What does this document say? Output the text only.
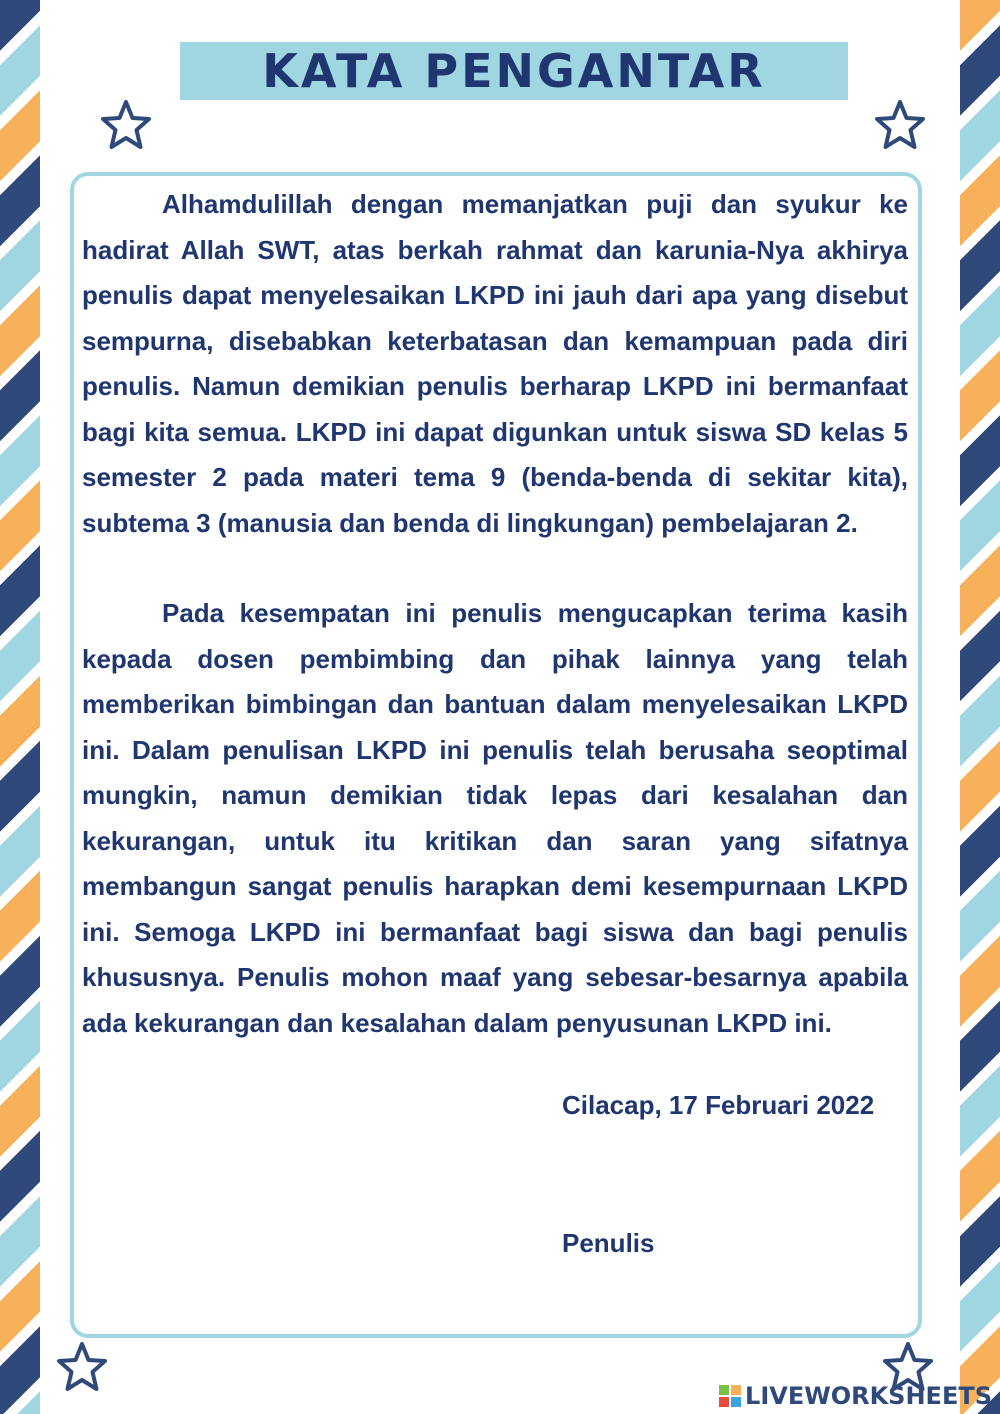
KATA PENGANTAR

Alhamdulillah dengan memanjatkan puji dan syukur ke hadirat Allah SWT, atas berkah rahmat dan karunia-Nya akhirya penulis dapat menyelesaikan LKPD ini jauh dari apa yang disebut sempurna, disebabkan keterbatasan dan kemampuan pada diri penulis. Namun demikian penulis berharap LKPD ini bermanfaat bagi kita semua. LKPD ini dapat digunkan untuk siswa SD kelas 5 semester 2 pada materi tema 9 (benda-benda di sekitar kita), subtema 3 (manusia dan benda di lingkungan) pembelajaran 2.

Pada kesempatan ini penulis mengucapkan terima kasih kepada dosen pembimbing dan pihak lainnya yang telah memberikan bimbingan dan bantuan dalam menyelesaikan LKPD ini. Dalam penulisan LKPD ini penulis telah berusaha seoptimal mungkin, namun demikian tidak lepas dari kesalahan dan kekurangan, untuk itu kritikan dan saran yang sifatnya membangun sangat penulis harapkan demi kesempurnaan LKPD ini. Semoga LKPD ini bermanfaat bagi siswa dan bagi penulis khususnya. Penulis mohon maaf yang sebesar-besarnya apabila ada kekurangan dan kesalahan dalam penyusunan LKPD ini.

Cilacap, 17 Februari 2022
Penulis
LIVEWORKSHEETS
